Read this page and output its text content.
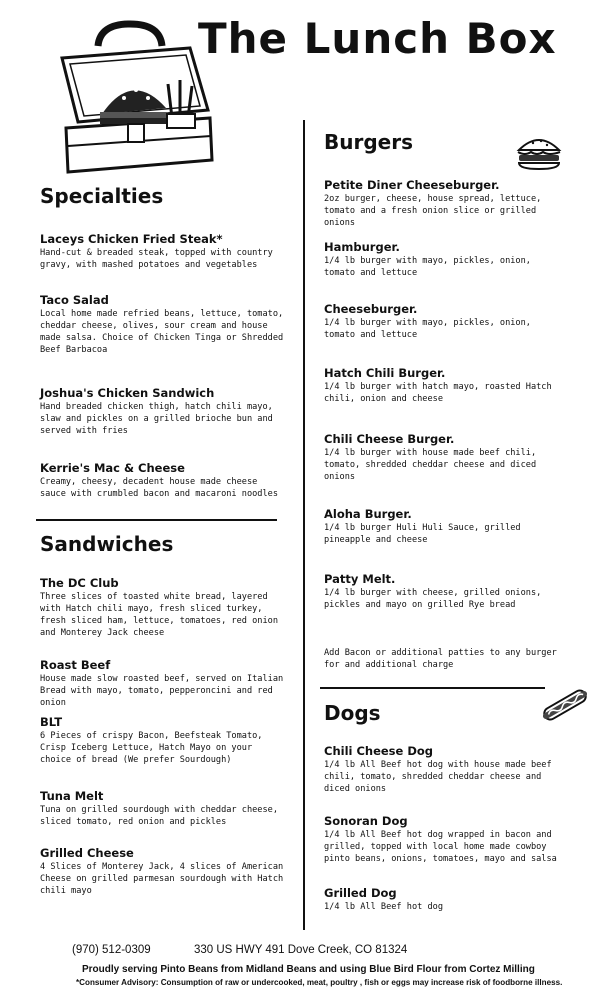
The Lunch Box
Specialties
Laceys Chicken Fried Steak*
Hand-cut & breaded steak, topped with country gravy, with mashed potatoes and vegetables
Taco Salad
Local home made refried beans, lettuce, tomato, cheddar cheese, olives, sour cream and house made salsa. Choice of Chicken Tinga or Shredded Beef Barbacoa
Joshua's Chicken Sandwich
Hand breaded chicken thigh, hatch chili mayo, slaw and pickles on a grilled brioche bun and served with fries
Kerrie's Mac & Cheese
Creamy, cheesy, decadent house made cheese sauce with crumbled bacon and macaroni noodles
Sandwiches
The DC Club
Three slices of toasted white bread, layered with Hatch chili mayo, fresh sliced turkey, fresh sliced ham, lettuce, tomatoes, red onion and Monterey Jack cheese
Roast Beef
House made slow roasted beef, served on Italian Bread with mayo, tomato, pepperoncini and red onion
BLT
6 Pieces of crispy Bacon, Beefsteak Tomato, Crisp Iceberg Lettuce, Hatch Mayo on your choice of bread (We prefer Sourdough)
Tuna Melt
Tuna on grilled sourdough with cheddar cheese, sliced tomato, red onion and pickles
Grilled Cheese
4 Slices of Monterey Jack, 4 slices of American Cheese on grilled parmesan sourdough with Hatch chili mayo
Burgers
Petite Diner Cheeseburger.
2oz burger, cheese, house spread, lettuce, tomato and a fresh onion slice or grilled onions
Hamburger.
1/4 lb burger with mayo, pickles, onion, tomato and lettuce
Cheeseburger.
1/4 lb burger with mayo, pickles, onion, tomato and lettuce
Hatch Chili Burger.
1/4 lb burger with hatch mayo, roasted Hatch chili, onion and cheese
Chili Cheese Burger.
1/4 lb burger with house made beef chili, tomato, shredded cheddar cheese and diced onions
Aloha Burger.
1/4 lb burger Huli Huli Sauce, grilled pineapple and cheese
Patty Melt.
1/4 lb burger with cheese, grilled onions, pickles and mayo on grilled Rye bread
Add Bacon or additional patties to any burger for and additional charge
Dogs
Chili Cheese Dog
1/4 lb All Beef hot dog with house made beef chili, tomato, shredded cheddar cheese and diced onions
Sonoran Dog
1/4 lb All Beef hot dog wrapped in bacon and grilled, topped with local home made cowboy pinto beans, onions, tomatoes, mayo and salsa
Grilled Dog
1/4 lb All Beef hot dog
(970) 512-0309	330 US HWY 491 Dove Creek, CO 81324
Proudly serving Pinto Beans from Midland Beans and using Blue Bird Flour from Cortez Milling
*Consumer Advisory: Consumption of raw or undercooked, meat, poultry , fish or eggs may increase risk of foodborne illness.
